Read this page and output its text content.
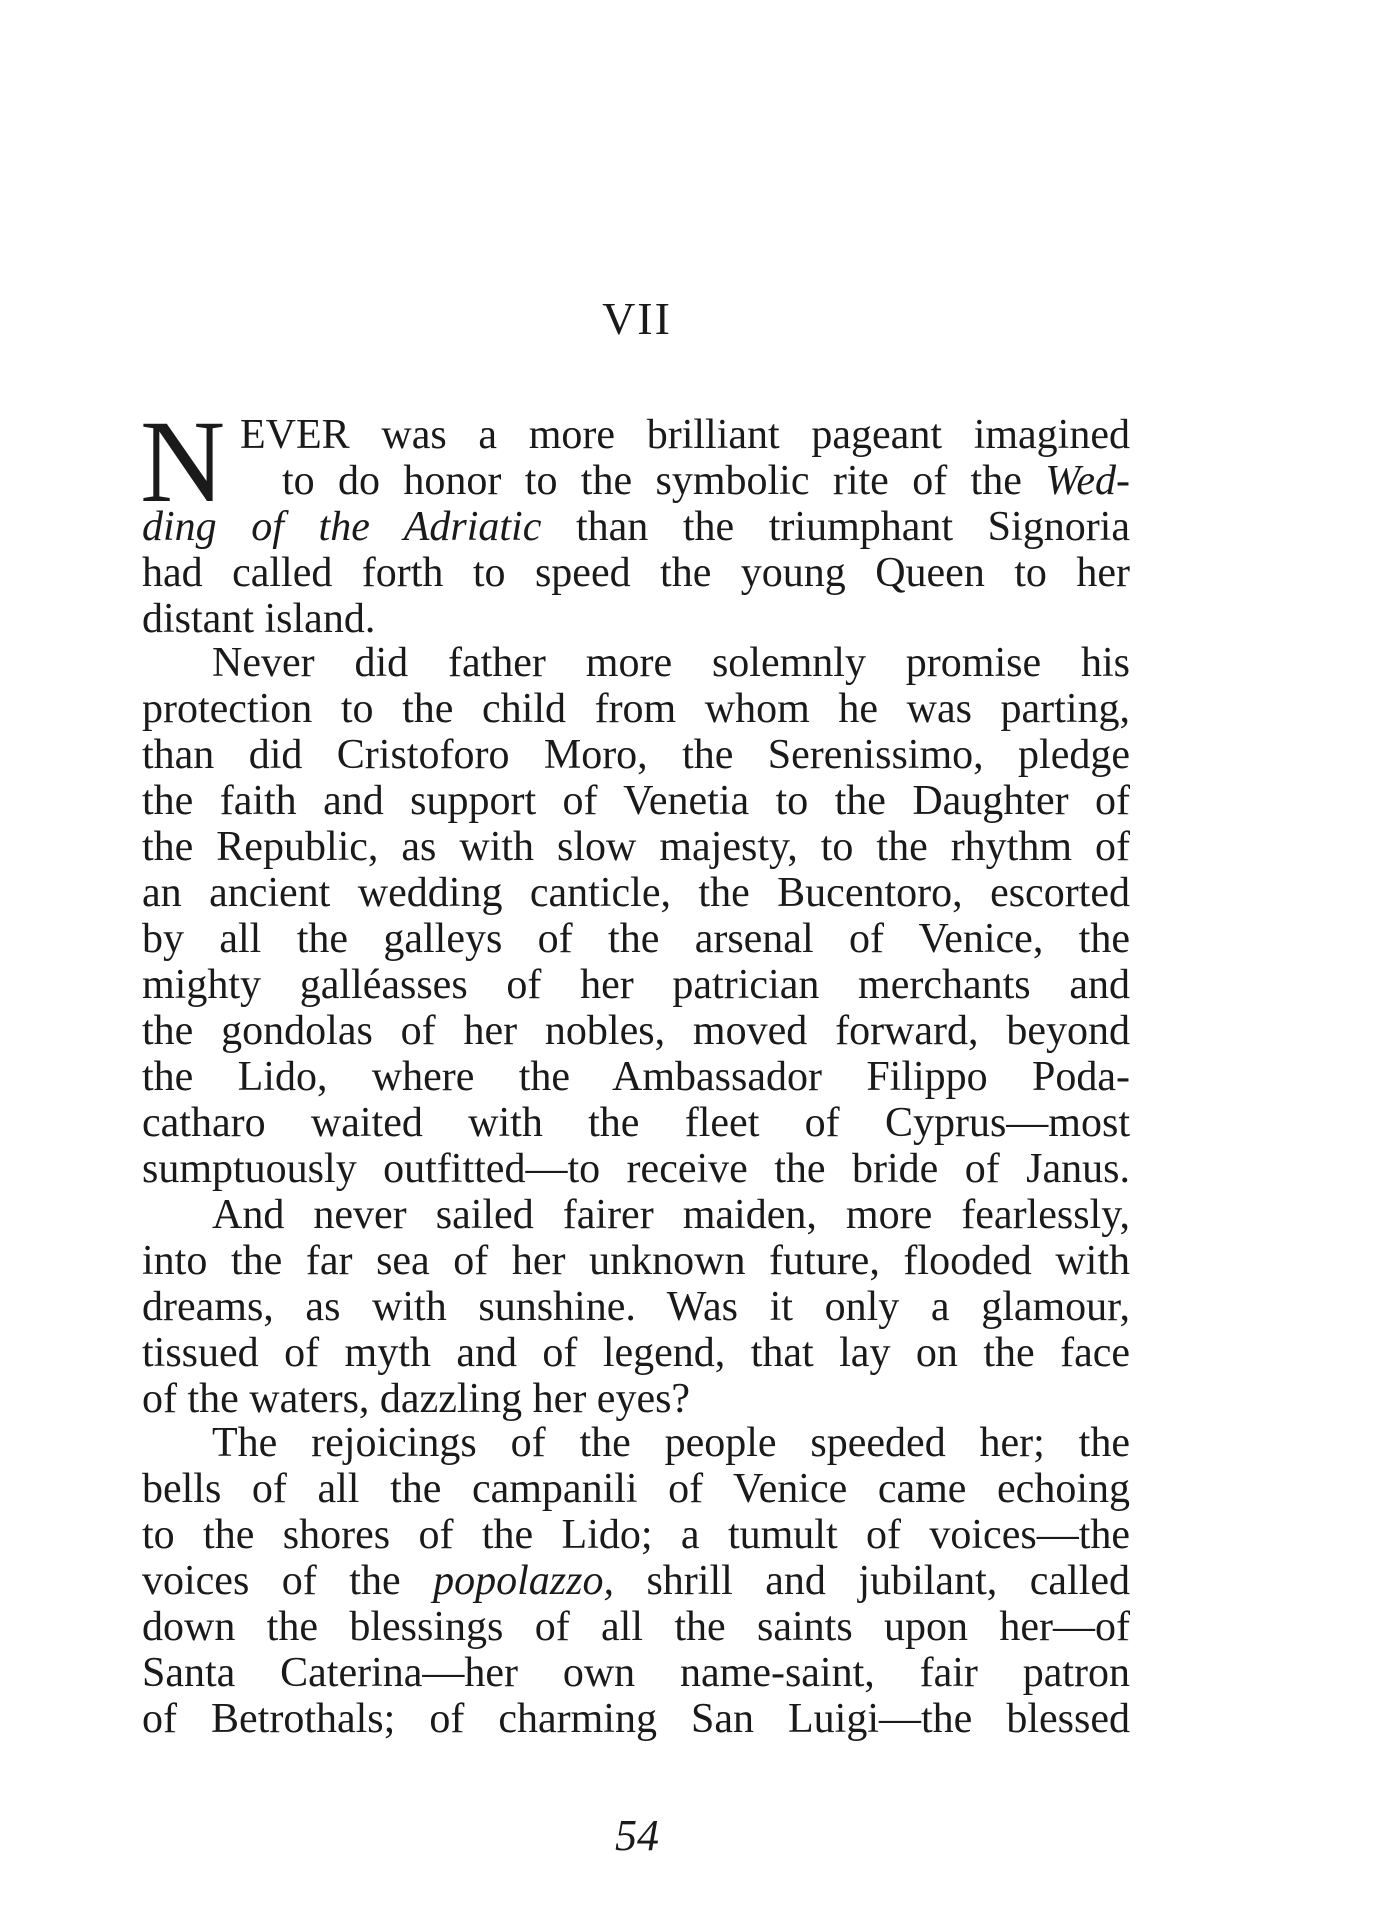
VII
N EVER was a more brilliant pageant imagined
to do honor to the symbolic rite of the Wed-
ding of the Adriatic than the triumphant Signoria
had called forth to speed the young Queen to her
distant island.
Never did father more solemnly promise his
protection to the child from whom he was parting,
than did Cristoforo Moro, the Serenissimo, pledge
the faith and support of Venetia to the Daughter of
the Republic, as with slow majesty, to the rhythm of
an ancient wedding canticle, the Bucentoro, escorted
by all the galleys of the arsenal of Venice, the
mighty galléasses of her patrician merchants and
the gondolas of her nobles, moved forward, beyond
the Lido, where the Ambassador Filippo Poda-
catharo waited with the fleet of Cyprus—most
sumptuously outfitted—to receive the bride of Janus.
And never sailed fairer maiden, more fearlessly,
into the far sea of her unknown future, flooded with
dreams, as with sunshine. Was it only a glamour,
tissued of myth and of legend, that lay on the face
of the waters, dazzling her eyes?
The rejoicings of the people speeded her; the
bells of all the campanili of Venice came echoing
to the shores of the Lido; a tumult of voices—the
voices of the popolazzo, shrill and jubilant, called
down the blessings of all the saints upon her—of
Santa Caterina—her own name-saint, fair patron
of Betrothals; of charming San Luigi—the blessed
54
